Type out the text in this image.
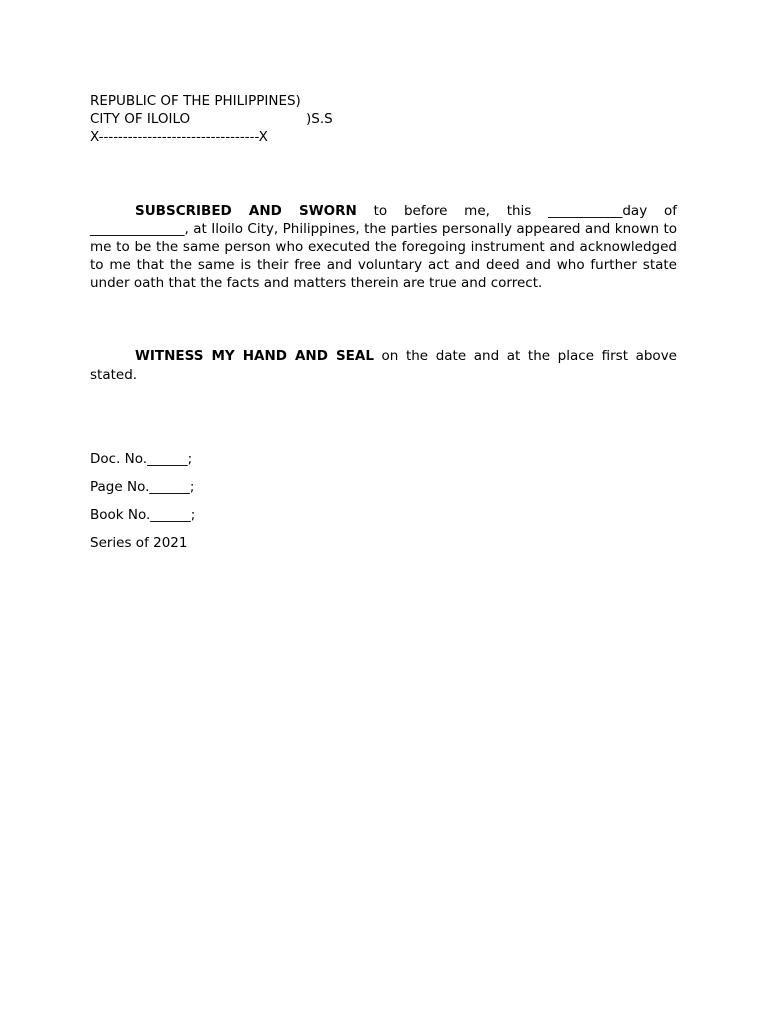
REPUBLIC OF THE PHILIPPINES)
CITY OF ILOILO	)S.S
X---------------------------------X

SUBSCRIBED AND SWORN to before me, this ___________day of ______________, at Iloilo City, Philippines, the parties personally appeared and known to me to be the same person who executed the foregoing instrument and acknowledged to me that the same is their free and voluntary act and deed and who further state under oath that the facts and matters therein are true and correct.

WITNESS MY HAND AND SEAL on the date and at the place first above stated.

Doc. No.______;
Page No.______;
Book No.______;
Series of 2021
